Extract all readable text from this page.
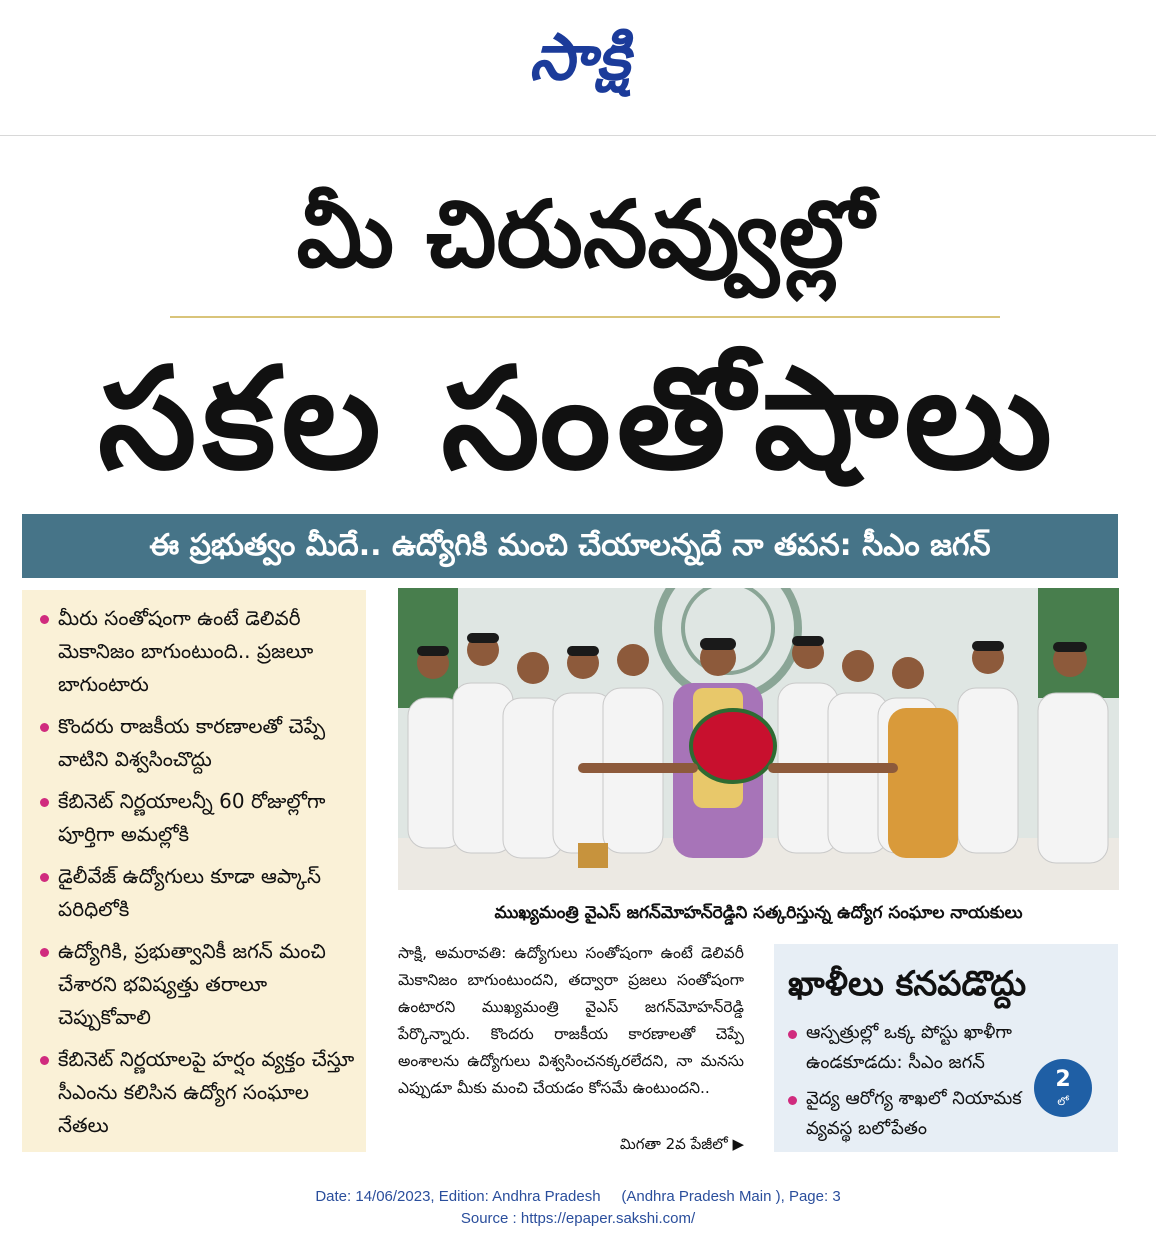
సాక్షి
మీ చిరునవ్వుల్లో
సకల సంతోషాలు
ఈ ప్రభుత్వం మీదే.. ఉద్యోగికి మంచి చేయాలన్నదే నా తపన: సీఎం జగన్
మీరు సంతోషంగా ఉంటే డెలివరీ మెకానిజం బాగుంటుంది.. ప్రజలూ బాగుంటారు
కొందరు రాజకీయ కారణాలతో చెప్పే వాటిని విశ్వసించొద్దు
కేబినెట్ నిర్ణయాలన్నీ 60 రోజుల్లోగా పూర్తిగా అమల్లోకి
డైలీవేజ్ ఉద్యోగులు కూడా ఆప్కాస్ పరిధిలోకి
ఉద్యోగికి, ప్రభుత్వానికీ జగన్ మంచి చేశారని భవిష్యత్తు తరాలూ చెప్పుకోవాలి
కేబినెట్ నిర్ణయాలపై హర్షం వ్యక్తం చేస్తూ సీఎంను కలిసిన ఉద్యోగ సంఘాల నేతలు
ముఖ్యమంత్రి వైఎస్ జగన్‌మోహన్‌రెడ్డిని సత్కరిస్తున్న ఉద్యోగ సంఘాల నాయకులు
సాక్షి, అమరావతి: ఉద్యోగులు సంతోషంగా ఉంటే డెలివరీ మెకానిజం బాగుంటుందని, తద్వారా ప్రజలు సంతోషంగా ఉంటారని ముఖ్యమంత్రి వైఎస్ జగన్‌మోహన్‌రెడ్డి పేర్కొన్నారు. కొందరు రాజకీయ కారణాలతో చెప్పే అంశాలను ఉద్యోగులు విశ్వసించనక్కరలేదని, నా మనసు ఎప్పుడూ మీకు మంచి చేయడం కోసమే ఉంటుందని..
మిగతా 2వ పేజీలో ▶
ఖాళీలు కనపడొద్దు
ఆస్పత్రుల్లో ఒక్క పోస్టు ఖాళీగా ఉండకూడదు: సీఎం జగన్
వైద్య ఆరోగ్య శాఖలో నియామక వ్యవస్థ బలోపేతం
2
లో
Date: 14/06/2023, Edition: Andhra Pradesh     (Andhra Pradesh Main ), Page: 3
Source : https://epaper.sakshi.com/
